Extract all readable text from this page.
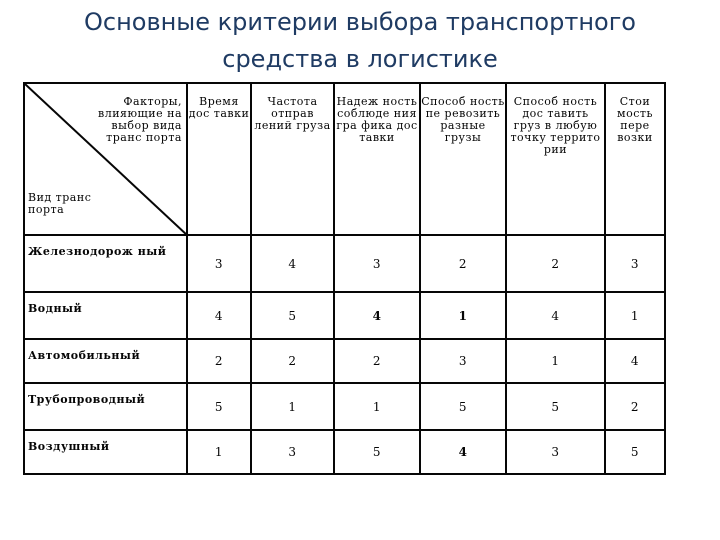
Основные критерии выбора транспортного
средства в логистике
Факторы, влияющие на выбор вида транс порта
Вид транс порта	Время дос тавки	Частота отправ лений груза	Надеж ность соблюде ния гра фика дос тавки	Способ ность пе ревозить разные грузы	Способ ность дос тавить груз в любую точку террито рии	Стои мость пере возки
Железнодорож ный	3	4	3	2	2	3
Водный	4	5	4	1	4	1
Автомобильный	2	2	2	3	1	4
Трубопроводный	5	1	1	5	5	2
Воздушный	1	3	5	4	3	5
